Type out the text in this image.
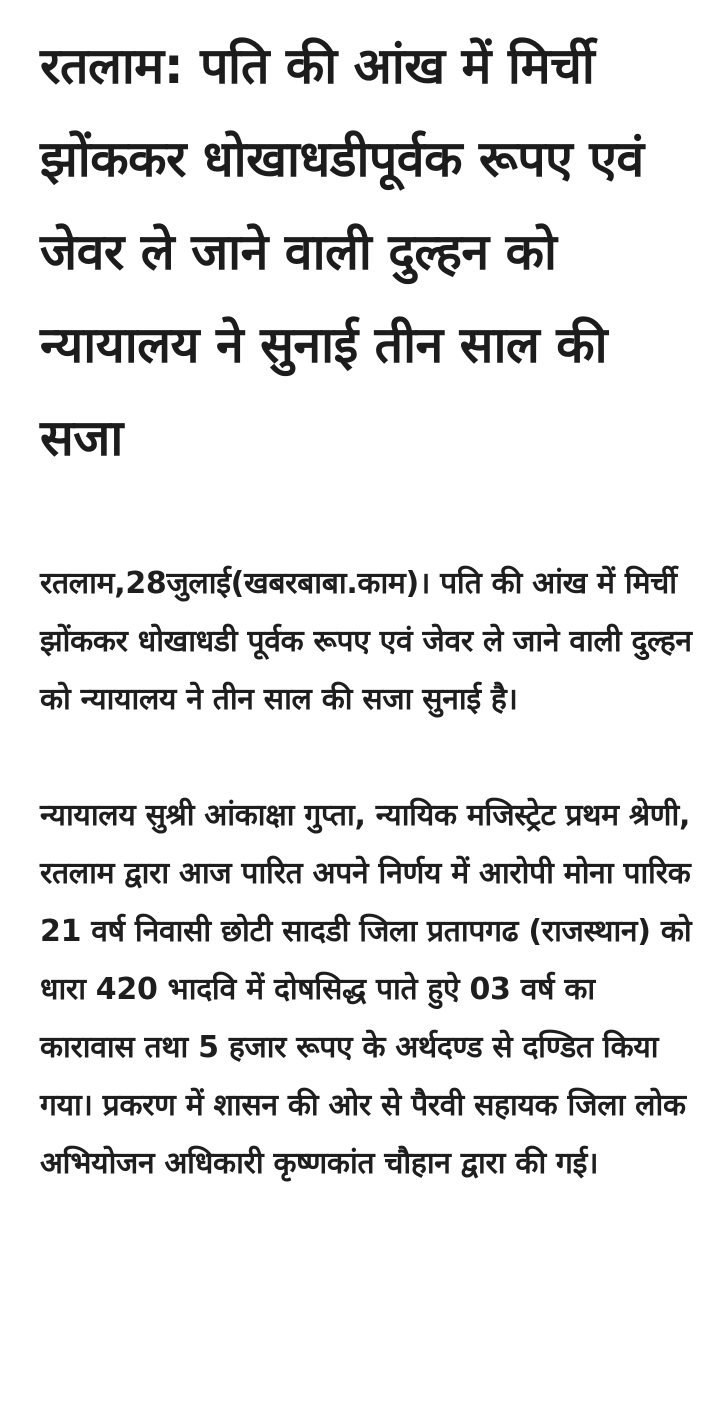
रतलाम: पति की आंख में मिर्ची झोंककर धोखाधडीपूर्वक रूपए एवं जेवर ले जाने वाली दुल्हन को न्यायालय ने सुनाई तीन साल की सजा

रतलाम,28जुलाई(खबरबाबा.काम)। पति की आंख में मिर्ची झोंककर धोखाधडी पूर्वक रूपए एवं जेवर ले जाने वाली दुल्हन को न्यायालय ने तीन साल की सजा सुनाई है।

न्यायालय सुश्री आंकाक्षा गुप्ता, न्यायिक मजिस्ट्रेट प्रथम श्रेणी, रतलाम द्वारा आज पारित अपने निर्णय में आरोपी मोना पारिक 21 वर्ष निवासी छोटी सादडी जिला प्रतापगढ (राजस्थान) को धारा 420 भादवि में दोषसिद्ध पाते हुऐ 03 वर्ष का कारावास तथा 5 हजार रूपए के अर्थदण्ड से दण्डित किया गया। प्रकरण में शासन की ओर से पैरवी सहायक जिला लोक अभियोजन अधिकारी कृष्णकांत चौहान द्वारा की गई।
